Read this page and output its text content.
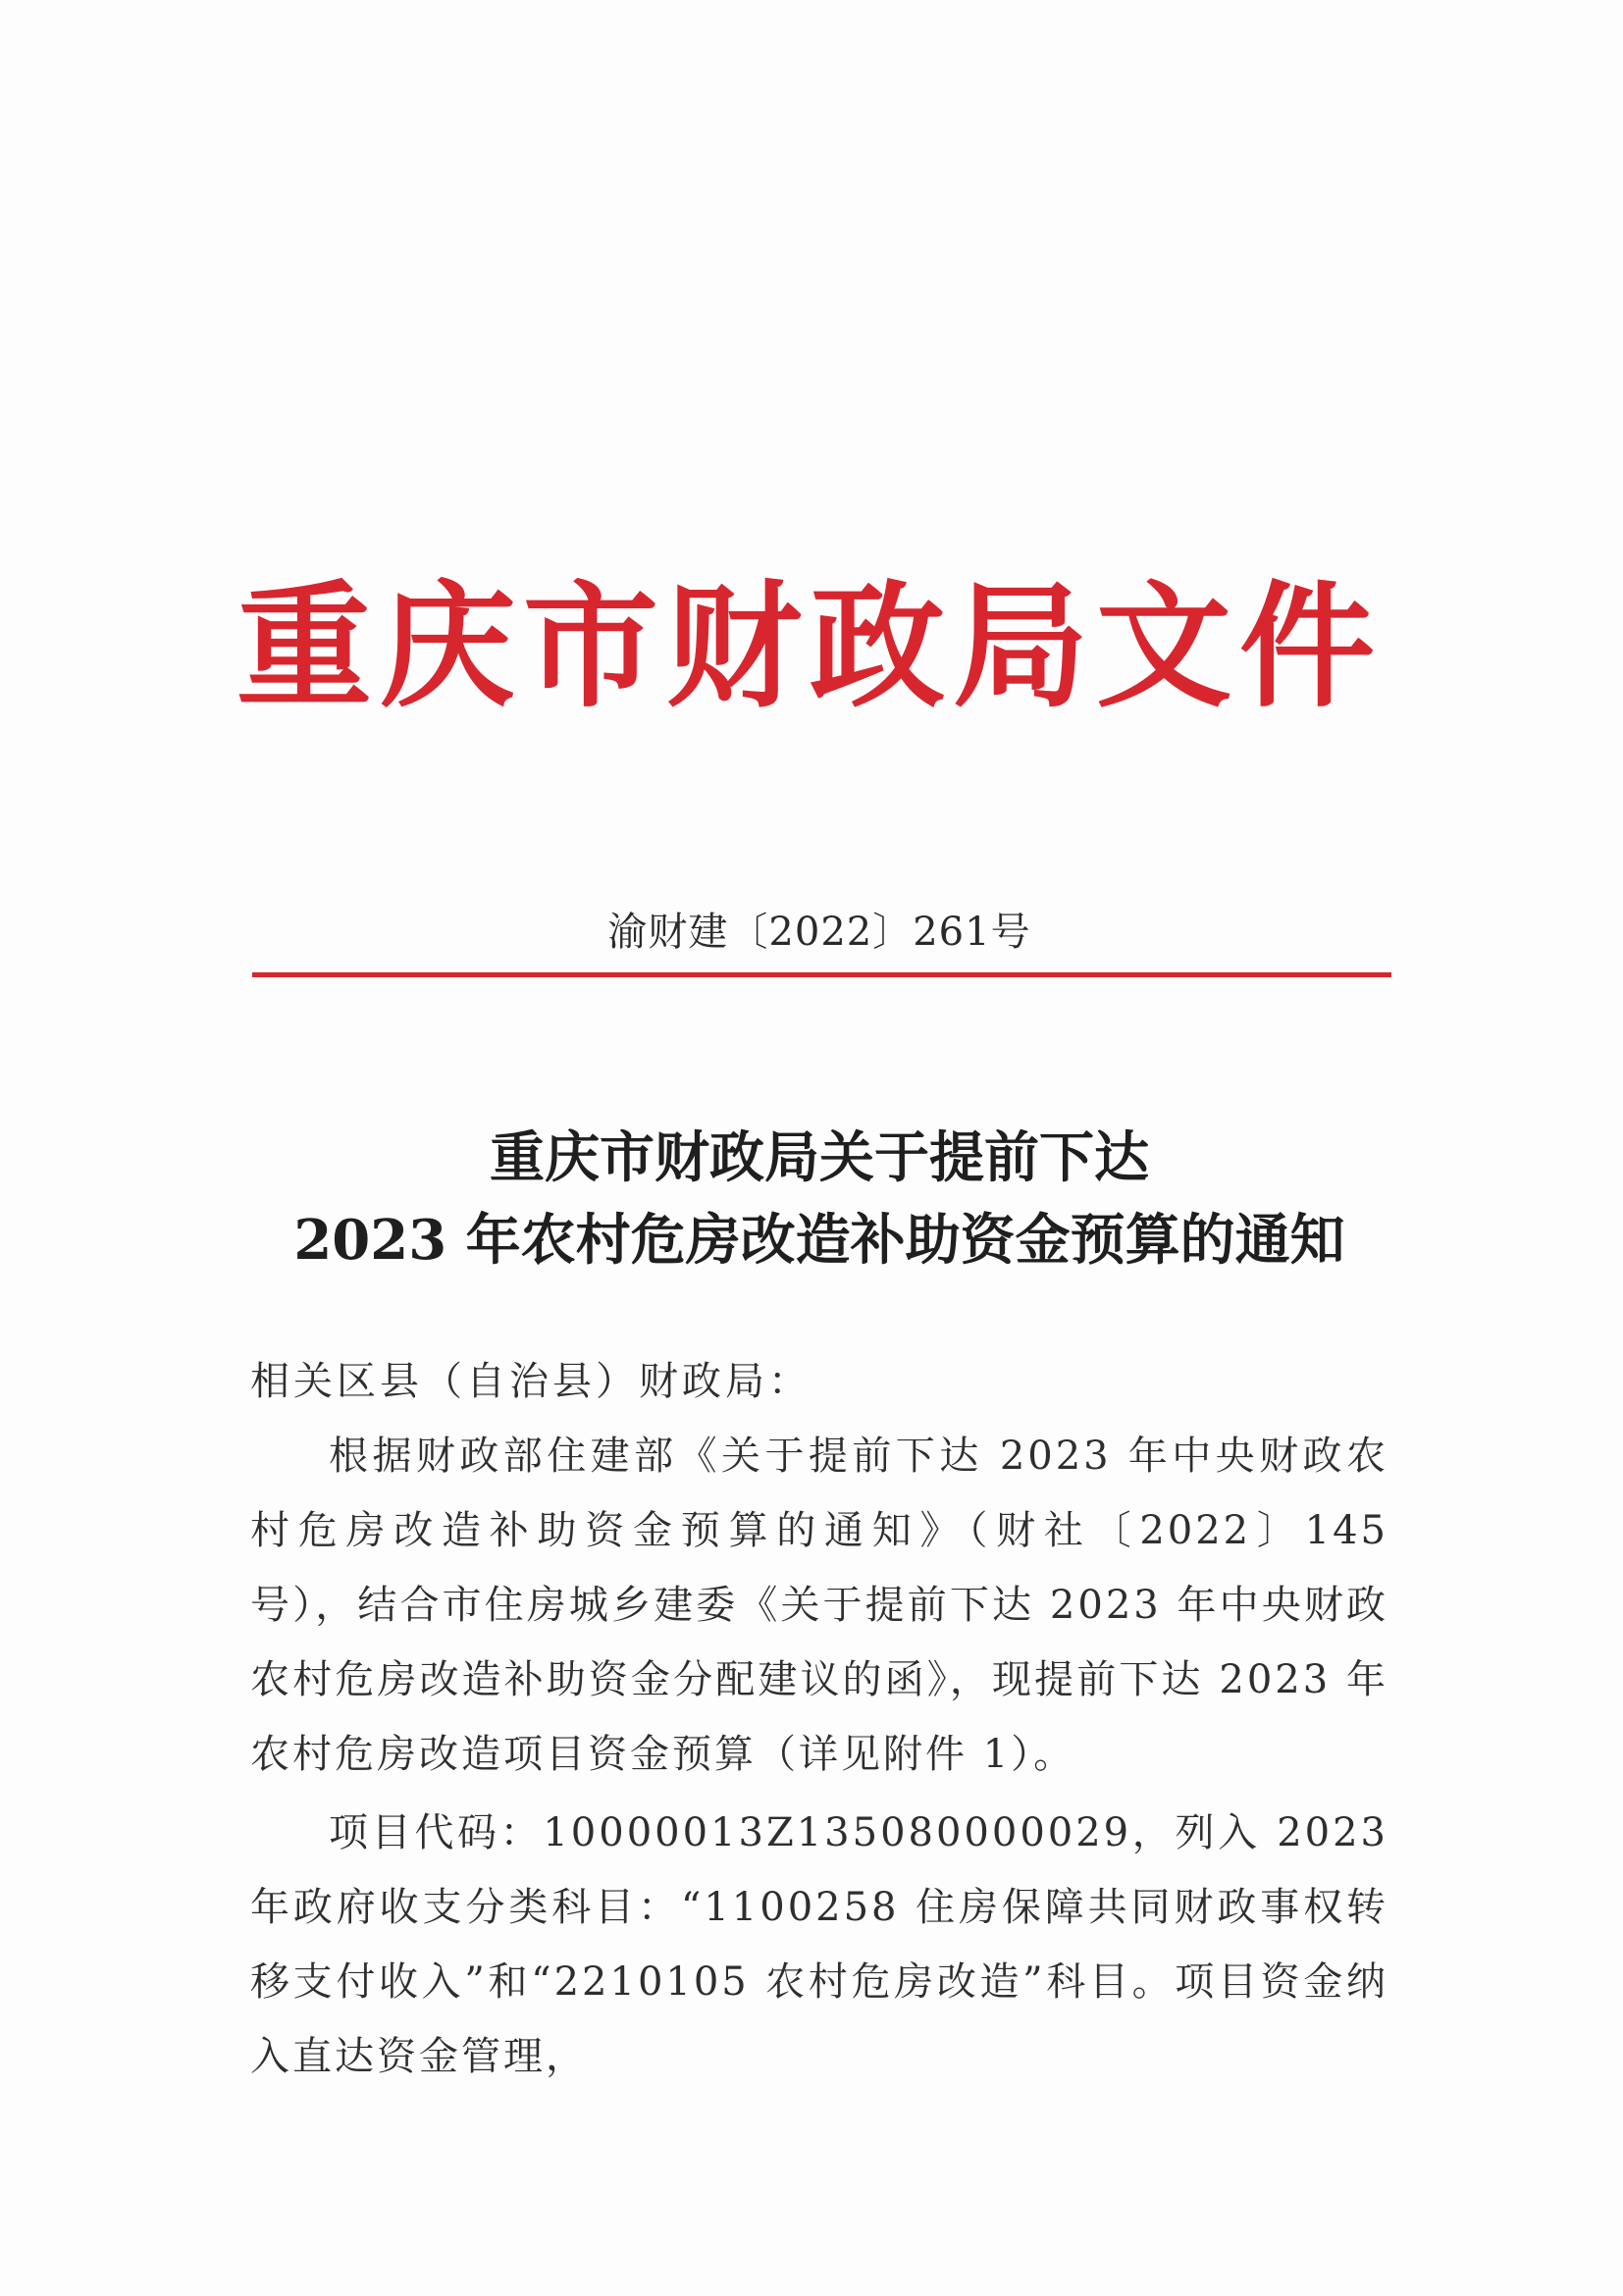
重庆市财政局文件
渝财建〔2022〕261号
重庆市财政局关于提前下达
2023 年农村危房改造补助资金预算的通知
相关区县（自治县）财政局：
根据财政部住建部《关于提前下达 2023 年中央财政农村危房改造补助资金预算的通知》（财社〔2022〕145 号），结合市住房城乡建委《关于提前下达 2023 年中央财政农村危房改造补助资金分配建议的函》，现提前下达 2023 年农村危房改造项目资金预算（详见附件 1）。
项目代码：10000013Z135080000029，列入 2023 年政府收支分类科目：“1100258 住房保障共同财政事权转移支付收入”和“2210105 农村危房改造”科目。项目资金纳入直达资金管理，
